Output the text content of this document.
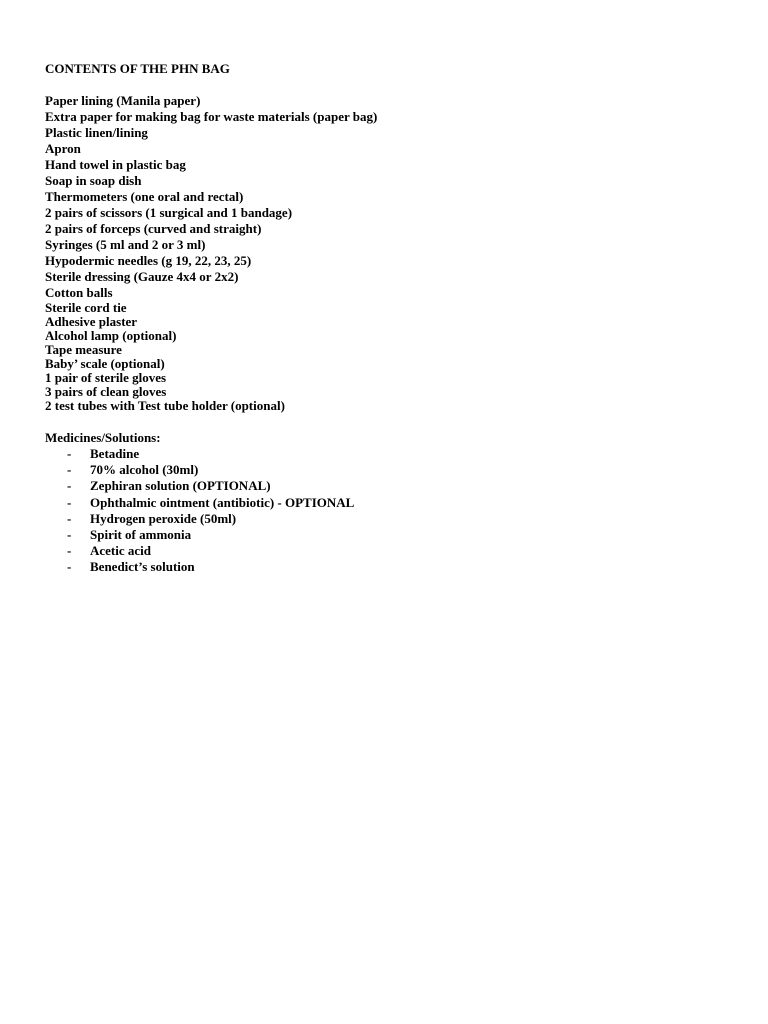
CONTENTS OF THE PHN BAG
Paper lining (Manila paper)
Extra paper for making bag for waste materials (paper bag)
Plastic linen/lining
Apron
Hand towel in plastic bag
Soap in soap dish
Thermometers (one oral and rectal)
2 pairs of scissors (1 surgical and 1 bandage)
2 pairs of forceps (curved and straight)
Syringes (5 ml and 2 or 3 ml)
Hypodermic needles (g 19, 22, 23, 25)
Sterile dressing (Gauze 4x4 or 2x2)
Cotton balls
Sterile cord tie
Adhesive plaster
Alcohol lamp (optional)
Tape measure
Baby’ scale (optional)
1 pair of sterile gloves
3 pairs of clean gloves
2 test tubes with Test tube holder (optional)
Medicines/Solutions:
- Betadine
- 70% alcohol (30ml)
- Zephiran solution (OPTIONAL)
- Ophthalmic ointment (antibiotic) - OPTIONAL
- Hydrogen peroxide (50ml)
- Spirit of ammonia
- Acetic acid
- Benedict’s solution
